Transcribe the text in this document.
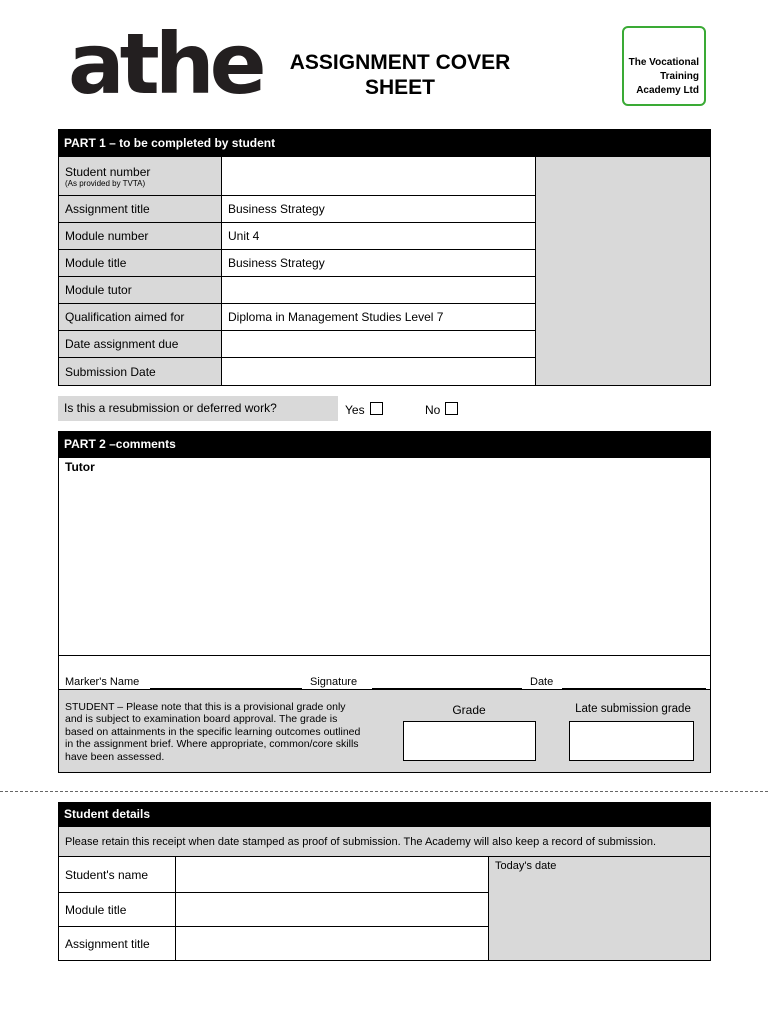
athe	ASSIGNMENT COVER
SHEET
The Vocational
Training
Academy Ltd
PART 1 – to be completed by student
Student number
(As provided by TVTA)
Assignment title	Business Strategy
Module number	Unit 4
Module title	Business Strategy
Module tutor
Qualification aimed for	Diploma in Management Studies Level 7
Date assignment due
Submission Date
Is this a resubmission or deferred work?	Yes	No
PART 2 –comments
Tutor
Marker's Name	Signature	Date
STUDENT – Please note that this is a provisional grade only
and is subject to examination board approval. The grade is
based on attainments in the specific learning outcomes outlined
in the assignment brief. Where appropriate, common/core skills
have been assessed.
Grade	Late submission grade
Student details
Please retain this receipt when date stamped as proof of submission. The Academy will also keep a record of submission.
Today's date
Student's name
Module title
Assignment title
